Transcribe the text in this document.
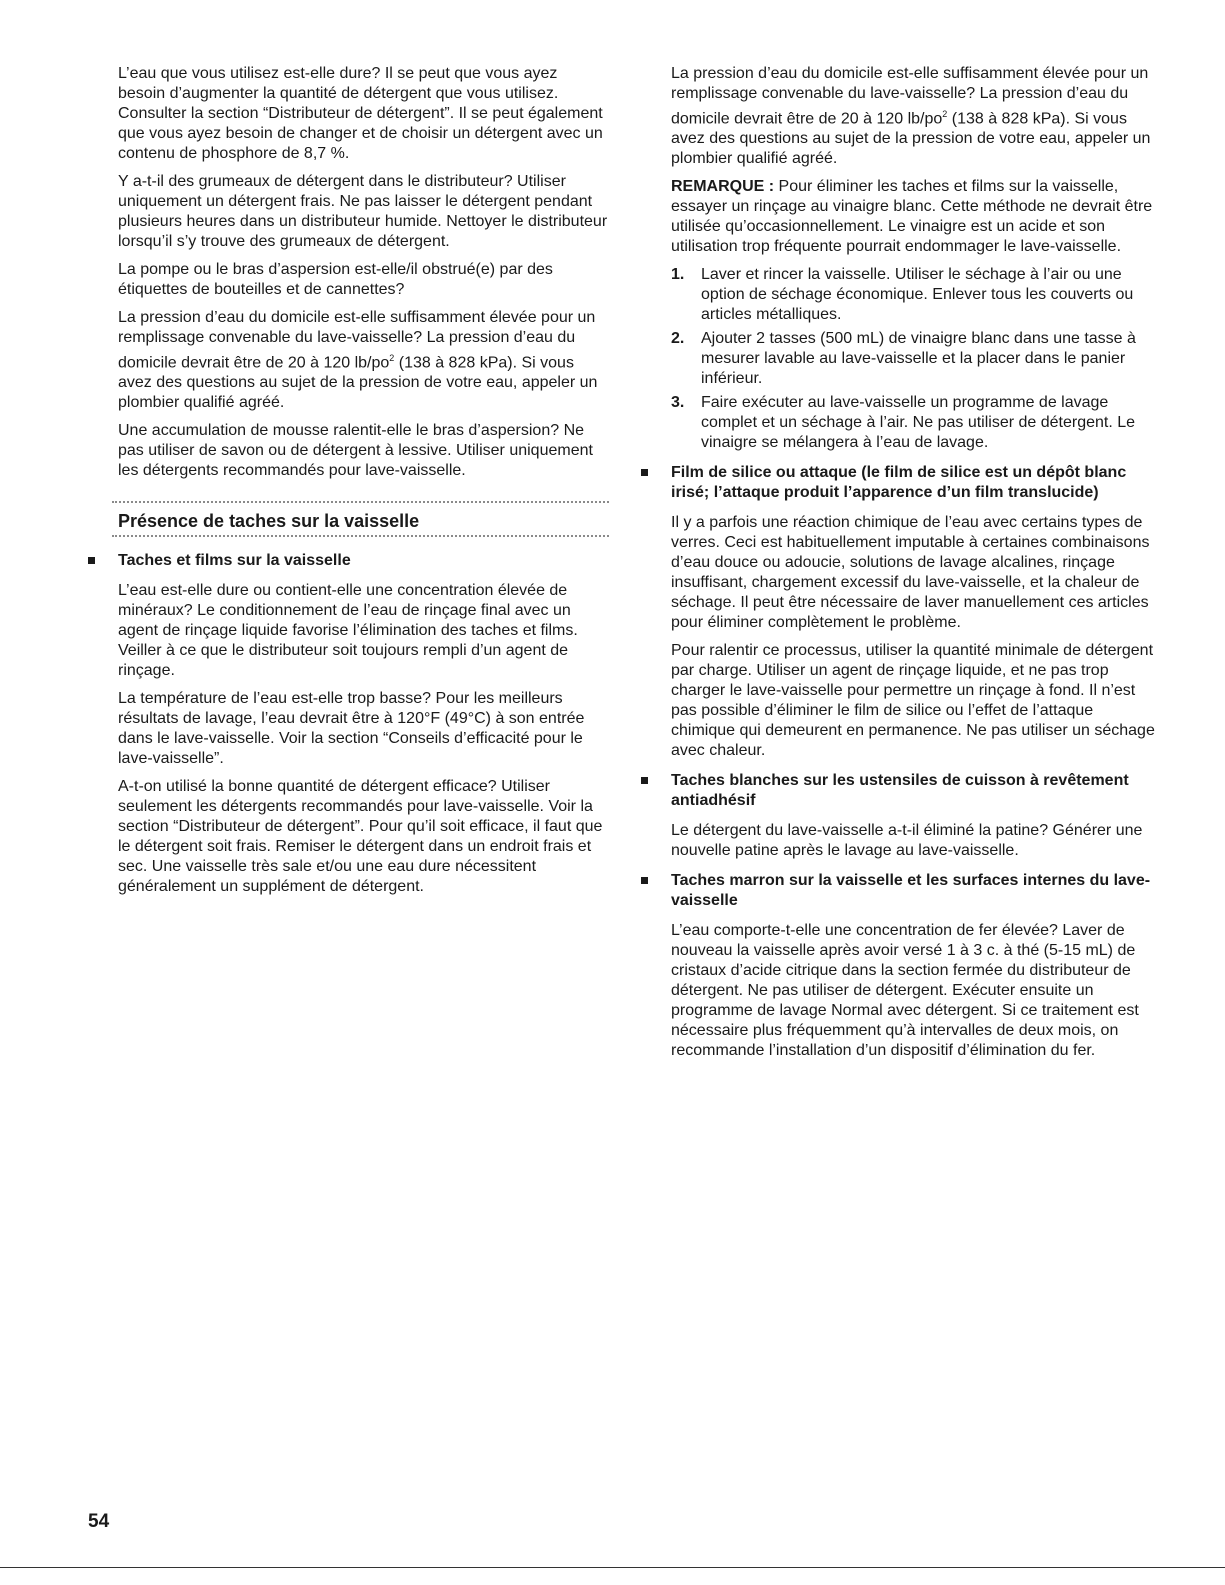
L’eau que vous utilisez est-elle dure? Il se peut que vous ayez besoin d’augmenter la quantité de détergent que vous utilisez. Consulter la section “Distributeur de détergent”. Il se peut également que vous ayez besoin de changer et de choisir un détergent avec un contenu de phosphore de 8,7 %.

Y a-t-il des grumeaux de détergent dans le distributeur? Utiliser uniquement un détergent frais. Ne pas laisser le détergent pendant plusieurs heures dans un distributeur humide. Nettoyer le distributeur lorsqu’il s’y trouve des grumeaux de détergent.

La pompe ou le bras d’aspersion est-elle/il obstrué(e) par des étiquettes de bouteilles et de cannettes?

La pression d’eau du domicile est-elle suffisamment élevée pour un remplissage convenable du lave-vaisselle? La pression d’eau du domicile devrait être de 20 à 120 $lb/po^2$ (138 à 828 kPa). Si vous avez des questions au sujet de la pression de votre eau, appeler un plombier qualifié agréé.

Une accumulation de mousse ralentit-elle le bras d’aspersion? Ne pas utiliser de savon ou de détergent à lessive. Utiliser uniquement les détergents recommandés pour lave-vaisselle.

Présence de taches sur la vaisselle
Taches et films sur la vaisselle

L’eau est-elle dure ou contient-elle une concentration élevée de minéraux? Le conditionnement de l’eau de rinçage final avec un agent de rinçage liquide favorise l’élimination des taches et films. Veiller à ce que le distributeur soit toujours rempli d’un agent de rinçage.

La température de l’eau est-elle trop basse? Pour les meilleurs résultats de lavage, l’eau devrait être à 120°F (49°C) à son entrée dans le lave-vaisselle. Voir la section “Conseils d’efficacité pour le lave-vaisselle”.

A-t-on utilisé la bonne quantité de détergent efficace? Utiliser seulement les détergents recommandés pour lave-vaisselle. Voir la section “Distributeur de détergent”. Pour qu’il soit efficace, il faut que le détergent soit frais. Remiser le détergent dans un endroit frais et sec. Une vaisselle très sale et/ou une eau dure nécessitent généralement un supplément de détergent.

La pression d’eau du domicile est-elle suffisamment élevée pour un remplissage convenable du lave-vaisselle? La pression d’eau du domicile devrait être de 20 à 120 $lb/po^2$ (138 à 828 kPa). Si vous avez des questions au sujet de la pression de votre eau, appeler un plombier qualifié agréé.

REMARQUE : Pour éliminer les taches et films sur la vaisselle, essayer un rinçage au vinaigre blanc. Cette méthode ne devrait être utilisée qu’occasionnellement. Le vinaigre est un acide et son utilisation trop fréquente pourrait endommager le lave-vaisselle.

1. Laver et rincer la vaisselle. Utiliser le séchage à l’air ou une option de séchage économique. Enlever tous les couverts ou articles métalliques.
2. Ajouter 2 tasses (500 mL) de vinaigre blanc dans une tasse à mesurer lavable au lave-vaisselle et la placer dans le panier inférieur.
3. Faire exécuter au lave-vaisselle un programme de lavage complet et un séchage à l’air. Ne pas utiliser de détergent. Le vinaigre se mélangera à l’eau de lavage.
Film de silice ou attaque (le film de silice est un dépôt blanc irisé; l’attaque produit l’apparence d’un film translucide)

Il y a parfois une réaction chimique de l’eau avec certains types de verres. Ceci est habituellement imputable à certaines combinaisons d’eau douce ou adoucie, solutions de lavage alcalines, rinçage insuffisant, chargement excessif du lave-vaisselle, et la chaleur de séchage. Il peut être nécessaire de laver manuellement ces articles pour éliminer complètement le problème.

Pour ralentir ce processus, utiliser la quantité minimale de détergent par charge. Utiliser un agent de rinçage liquide, et ne pas trop charger le lave-vaisselle pour permettre un rinçage à fond. Il n’est pas possible d’éliminer le film de silice ou l’effet de l’attaque chimique qui demeurent en permanence. Ne pas utiliser un séchage avec chaleur.

Taches blanches sur les ustensiles de cuisson à revêtement antiadhésif

Le détergent du lave-vaisselle a-t-il éliminé la patine? Générer une nouvelle patine après le lavage au lave-vaisselle.

Taches marron sur la vaisselle et les surfaces internes du lave-vaisselle

L’eau comporte-t-elle une concentration de fer élevée? Laver de nouveau la vaisselle après avoir versé 1 à 3 c. à thé (5-15 mL) de cristaux d’acide citrique dans la section fermée du distributeur de détergent. Ne pas utiliser de détergent. Exécuter ensuite un programme de lavage Normal avec détergent. Si ce traitement est nécessaire plus fréquemment qu’à intervalles de deux mois, on recommande l’installation d’un dispositif d’élimination du fer.

54
